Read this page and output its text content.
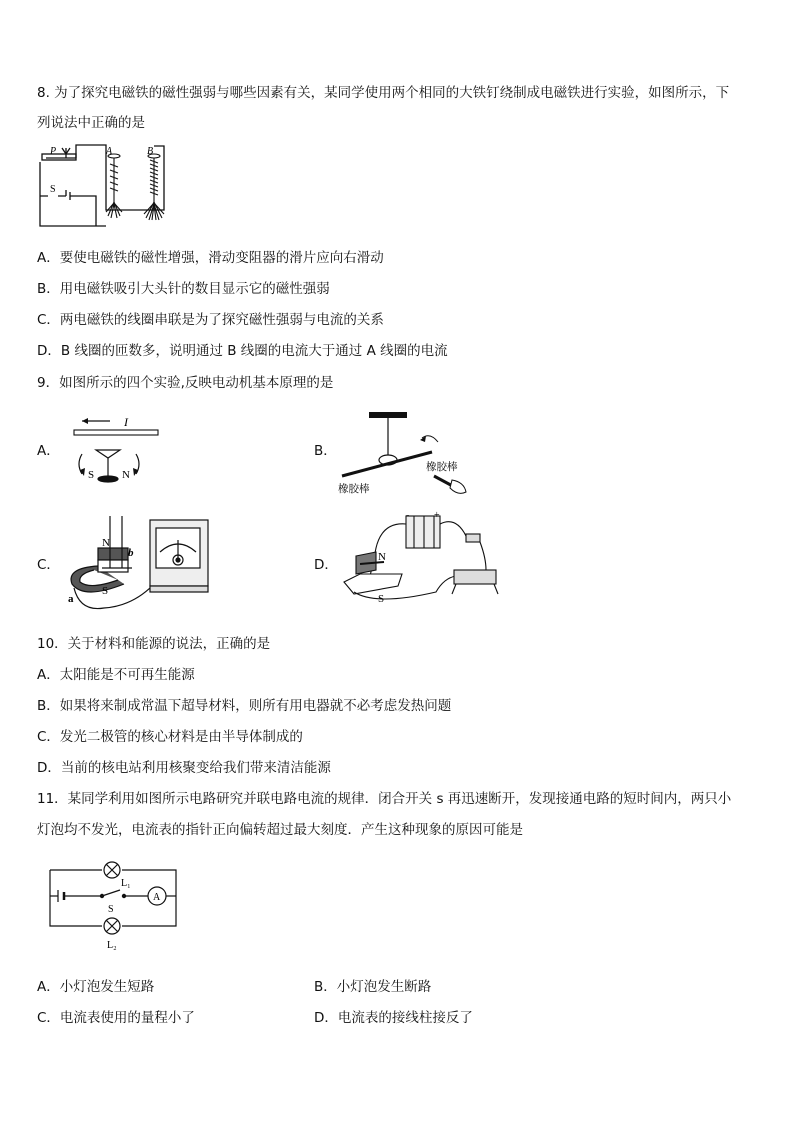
8. 为了探究电磁铁的磁性强弱与哪些因素有关，某同学使用两个相同的大铁钉绕制成电磁铁进行实验，如图所示，下
列说法中正确的是
P
S
A	B
A．要使电磁铁的磁性增强，滑动变阻器的滑片应向右滑动
B．用电磁铁吸引大头针的数目显示它的磁性强弱
C．两电磁铁的线圈串联是为了探究磁性强弱与电流的关系
D．B 线圈的匝数多，说明通过 B 线圈的电流大于通过 A 线圈的电流
9．如图所示的四个实验,反映电动机基本原理的是
A．
I
S	N
B．
橡胶棒
橡胶棒
C．
N
S
a
b
D．
- +
N
S
10．关于材料和能源的说法，正确的是
A．太阳能是不可再生能源
B．如果将来制成常温下超导材料，则所有用电器就不必考虑发热问题
C．发光二极管的核心材料是由半导体制成的
D．当前的核电站利用核聚变给我们带来清洁能源
11．某同学利用如图所示电路研究并联电路电流的规律．闭合开关 s 再迅速断开，发现接通电路的短时间内，两只小
灯泡均不发光，电流表的指针正向偏转超过最大刻度．产生这种现象的原因可能是
L₁
S
A
L₂
A．小灯泡发生短路	B．小灯泡发生断路
C．电流表使用的量程小了	D．电流表的接线柱接反了
